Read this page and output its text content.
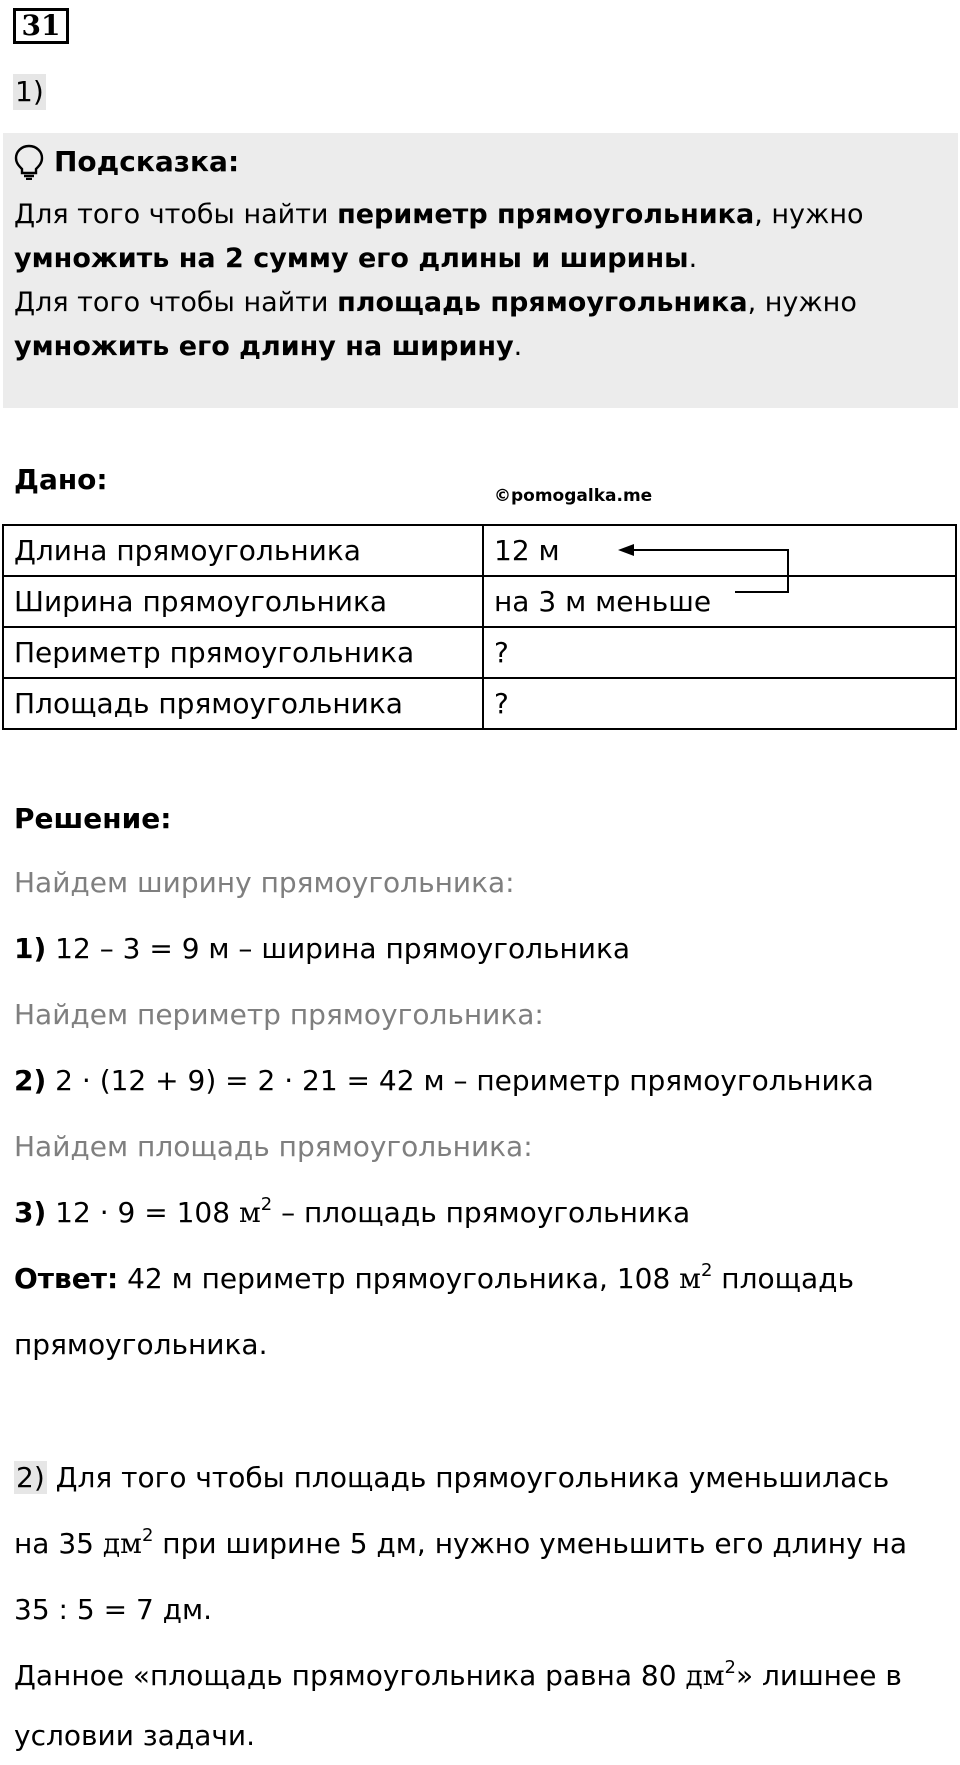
31
1)
Подсказка:
Для того чтобы найти периметр прямоугольника, нужно
умножить на 2 сумму его длины и ширины.
Для того чтобы найти площадь прямоугольника, нужно
умножить его длину на ширину.
Дано:	©pomogalka.me
Длина прямоугольника	12 м
Ширина прямоугольника	на 3 м меньше
Периметр прямоугольника	?
Площадь прямоугольника	?
Решение:
Найдем ширину прямоугольника:
1) 12 – 3 = 9 м – ширина прямоугольника
Найдем периметр прямоугольника:
2) 2 · (12 + 9) = 2 · 21 = 42 м – периметр прямоугольника
Найдем площадь прямоугольника:
3) 12 · 9 = 108 $м^2$ – площадь прямоугольника
Ответ: 42 м периметр прямоугольника, 108 $м^2$ площадь
прямоугольника.
2) Для того чтобы площадь прямоугольника уменьшилась
на 35 $дм^2$ при ширине 5 дм, нужно уменьшить его длину на
35 : 5 = 7 дм.
Данное «площадь прямоугольника равна 80 $дм^2$» лишнее в
условии задачи.
